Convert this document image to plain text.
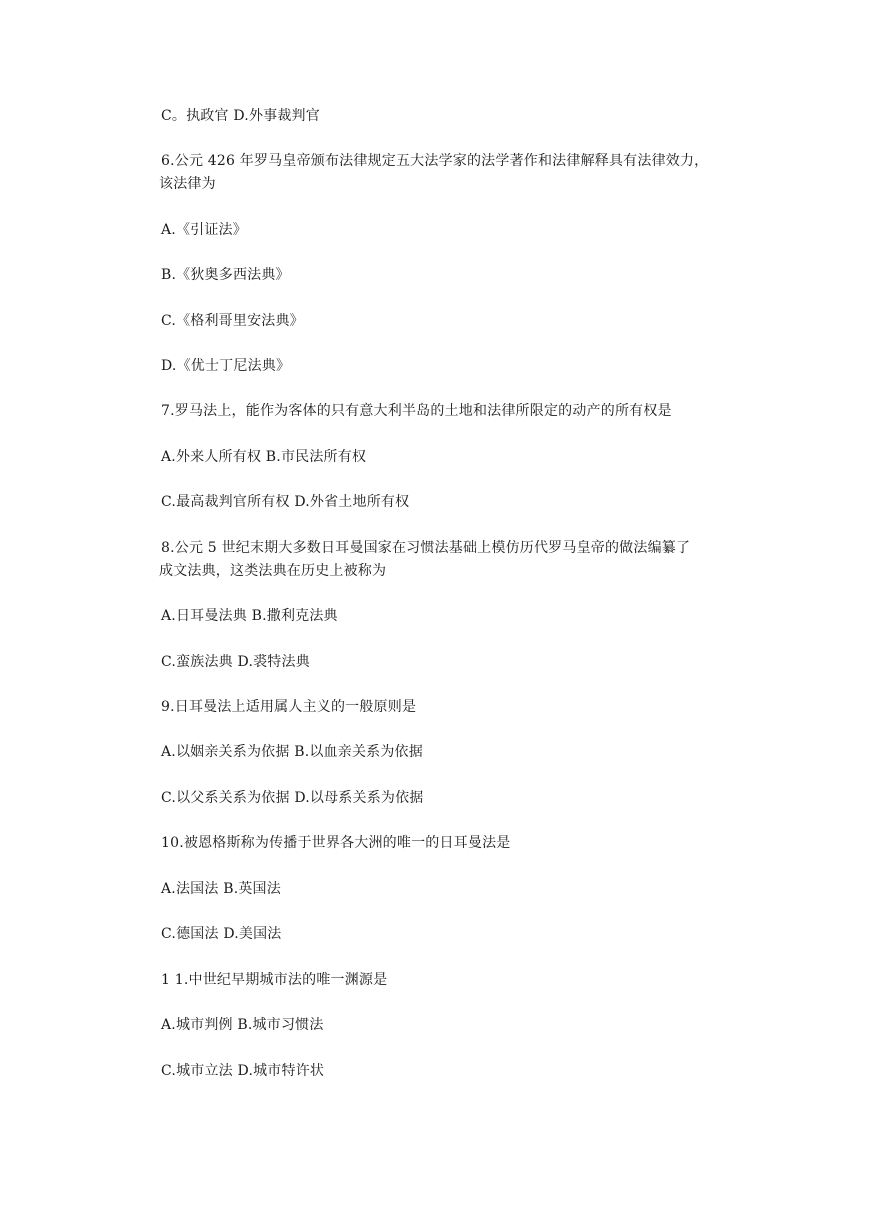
C。执政官 D.外事裁判官
6.公元 426 年罗马皇帝颁布法律规定五大法学家的法学著作和法律解释具有法律效力，
该法律为
A.《引证法》
B.《狄奥多西法典》
C.《格利哥里安法典》
D.《优士丁尼法典》
7.罗马法上，能作为客体的只有意大利半岛的土地和法律所限定的动产的所有权是
A.外来人所有权 B.市民法所有权
C.最高裁判官所有权 D.外省土地所有权
8.公元 5 世纪末期大多数日耳曼国家在习惯法基础上模仿历代罗马皇帝的做法编纂了
成文法典，这类法典在历史上被称为
A.日耳曼法典 B.撒利克法典
C.蛮族法典 D.裘特法典
9.日耳曼法上适用属人主义的一般原则是
A.以姻亲关系为依据 B.以血亲关系为依据
C.以父系关系为依据 D.以母系关系为依据
10.被恩格斯称为传播于世界各大洲的唯一的日耳曼法是
A.法国法 B.英国法
C.德国法 D.美国法
1 1.中世纪早期城市法的唯一渊源是
A.城市判例 B.城市习惯法
C.城市立法 D.城市特许状
